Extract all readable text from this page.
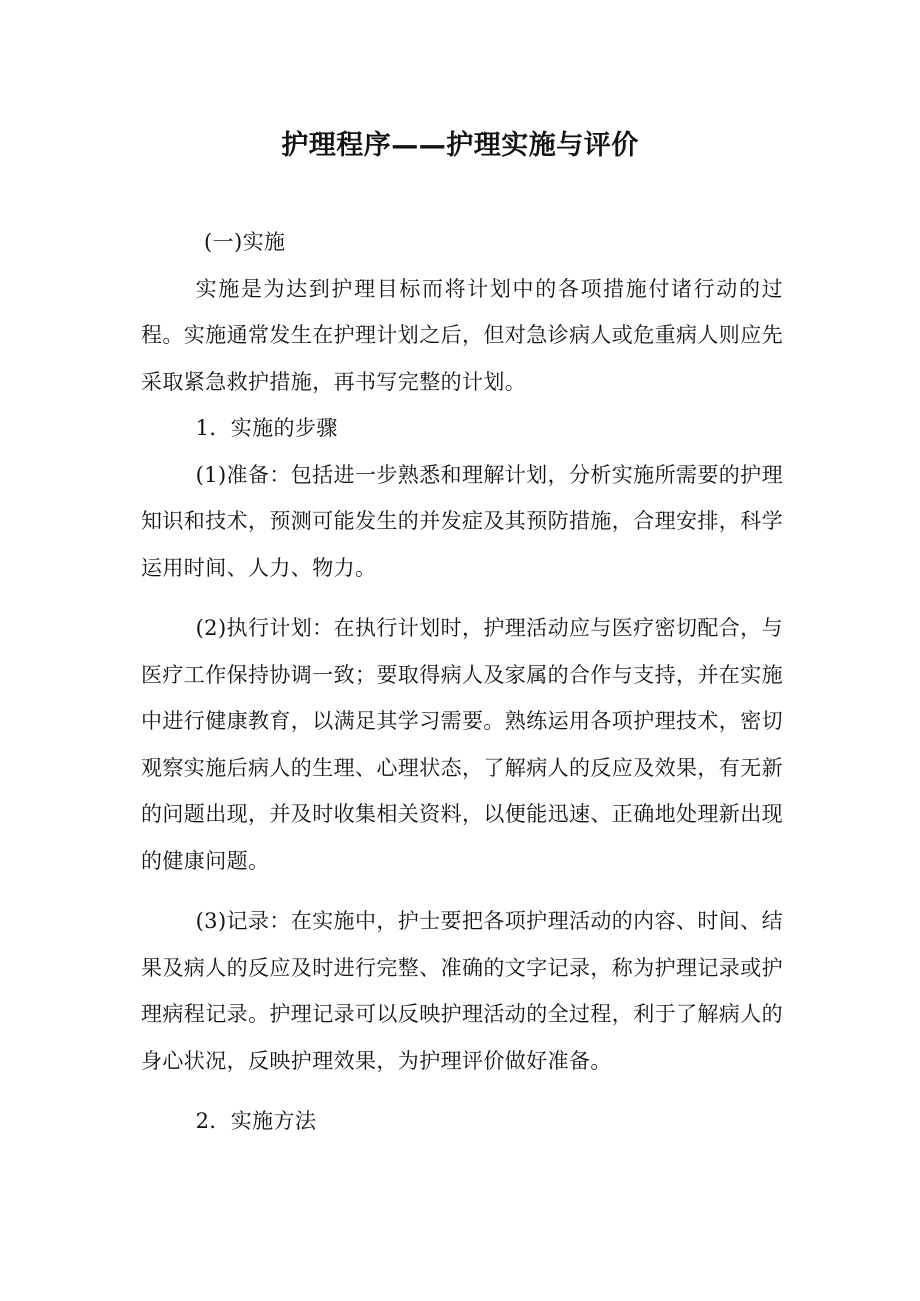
护理程序——护理实施与评价

(一)实施

实施是为达到护理目标而将计划中的各项措施付诸行动的过程。实施通常发生在护理计划之后，但对急诊病人或危重病人则应先采取紧急救护措施，再书写完整的计划。

1．实施的步骤

(1)准备：包括进一步熟悉和理解计划，分析实施所需要的护理知识和技术，预测可能发生的并发症及其预防措施，合理安排，科学运用时间、人力、物力。

(2)执行计划：在执行计划时，护理活动应与医疗密切配合，与医疗工作保持协调一致；要取得病人及家属的合作与支持，并在实施中进行健康教育，以满足其学习需要。熟练运用各项护理技术，密切观察实施后病人的生理、心理状态，了解病人的反应及效果，有无新的问题出现，并及时收集相关资料，以便能迅速、正确地处理新出现的健康问题。

(3)记录：在实施中，护士要把各项护理活动的内容、时间、结果及病人的反应及时进行完整、准确的文字记录，称为护理记录或护理病程记录。护理记录可以反映护理活动的全过程，利于了解病人的身心状况，反映护理效果，为护理评价做好准备。

2．实施方法
